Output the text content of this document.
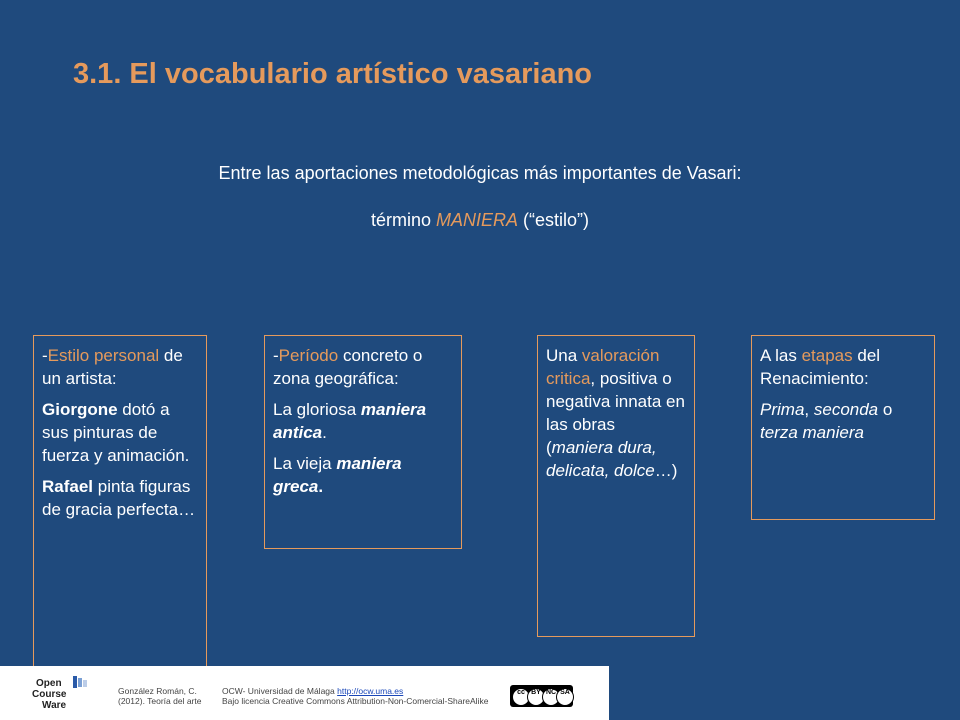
3.1. El vocabulario artístico vasariano
Entre las aportaciones metodológicas más importantes de Vasari:
término MANIERA (“estilo”)

-Estilo personal de un artista:

Giorgone dotó a sus pinturas de fuerza y animación.

Rafael pinta figuras de gracia perfecta…

-Período concreto o zona geográfica:

La gloriosa maniera antica.

La vieja maniera greca.

Una valoración critica, positiva o negativa innata en las obras (maniera dura, delicata, dolce…)

A las etapas del Renacimiento:

Prima, seconda o terza maniera

Open
Course
Ware
González Román, C.
(2012). Teoría del arte
OCW- Universidad de Málaga http://ocw.uma.es
Bajo licencia Creative Commons Attribution-Non-Comercial-ShareAlike
cc BY NC SA
